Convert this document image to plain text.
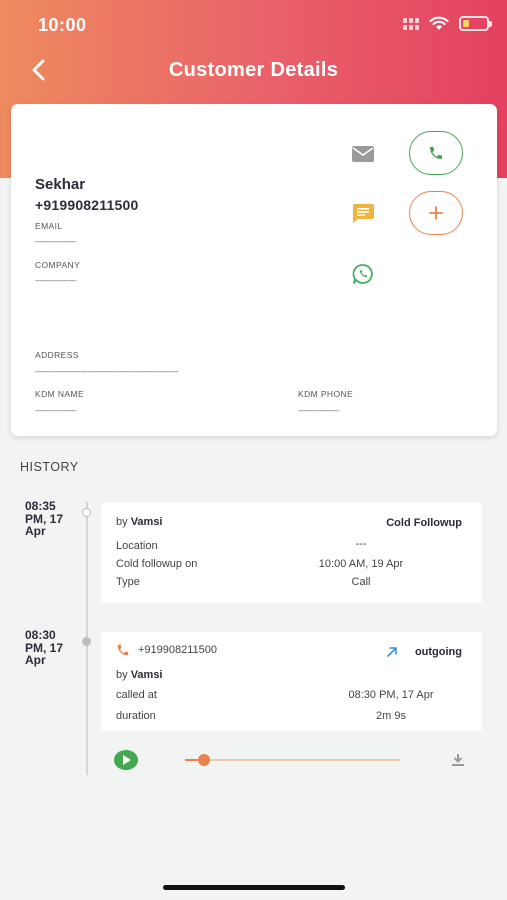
10:00
Customer Details
Sekhar
+919908211500
EMAIL
-------------------
COMPANY
-------------------
ADDRESS
------------------------------------------------------------------
KDM NAME
-------------------
KDM PHONE
-------------------
HISTORY
08:35 PM, 17 Apr
by Vamsi	Cold Followup
Location	---
Cold followup on	10:00 AM, 19 Apr
Type	Call
08:30 PM, 17 Apr
+919908211500	outgoing
by Vamsi
called at	08:30 PM, 17 Apr
duration	2m 9s
